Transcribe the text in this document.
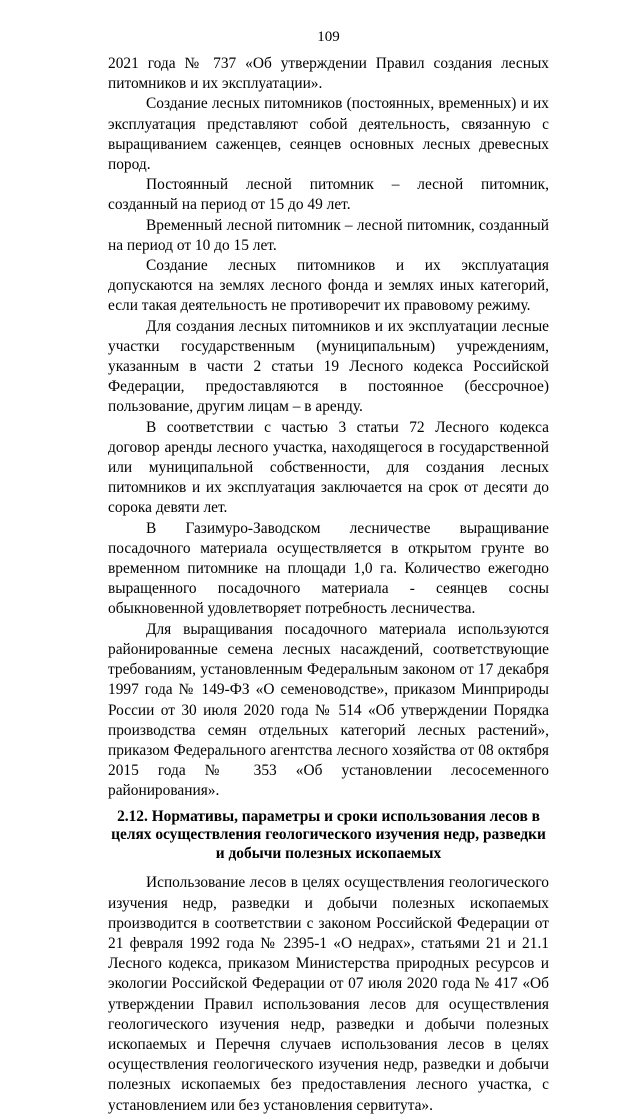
109

2021 года № 737 «Об утверждении Правил создания лесных питомников и их эксплуатации».

Создание лесных питомников (постоянных, временных) и их эксплуатация представляют собой деятельность, связанную с выращиванием саженцев, сеянцев основных лесных древесных пород.

Постоянный лесной питомник – лесной питомник, созданный на период от 15 до 49 лет.

Временный лесной питомник – лесной питомник, созданный на период от 10 до 15 лет.

Создание лесных питомников и их эксплуатация допускаются на землях лесного фонда и землях иных категорий, если такая деятельность не противоречит их правовому режиму.

Для создания лесных питомников и их эксплуатации лесные участки государственным (муниципальным) учреждениям, указанным в части 2 статьи 19 Лесного кодекса Российской Федерации, предоставляются в постоянное (бессрочное) пользование, другим лицам – в аренду.

В соответствии с частью 3 статьи 72 Лесного кодекса договор аренды лесного участка, находящегося в государственной или муниципальной собственности, для создания лесных питомников и их эксплуатация заключается на срок от десяти до сорока девяти лет.

В Газимуро-Заводском лесничестве выращивание посадочного материала осуществляется в открытом грунте во временном питомнике на площади 1,0 га. Количество ежегодно выращенного посадочного материала - сеянцев сосны обыкновенной удовлетворяет потребность лесничества.

Для выращивания посадочного материала используются районированные семена лесных насаждений, соответствующие требованиям, установленным Федеральным законом от 17 декабря 1997 года № 149-ФЗ «О семеноводстве», приказом Минприроды России от 30 июля 2020 года № 514 «Об утверждении Порядка производства семян отдельных категорий лесных растений», приказом Федерального агентства лесного хозяйства от 08 октября 2015 года № 353 «Об установлении лесосеменного районирования».

2.12. Нормативы, параметры и сроки использования лесов в целях осуществления геологического изучения недр, разведки и добычи полезных ископаемых

Использование лесов в целях осуществления геологического изучения недр, разведки и добычи полезных ископаемых производится в соответствии с законом Российской Федерации от 21 февраля 1992 года № 2395-1 «О недрах», статьями 21 и 21.1 Лесного кодекса, приказом Министерства природных ресурсов и экологии Российской Федерации от 07 июля 2020 года № 417 «Об утверждении Правил использования лесов для осуществления геологического изучения недр, разведки и добычи полезных ископаемых и Перечня случаев использования лесов в целях осуществления геологического изучения недр, разведки и добычи полезных ископаемых без предоставления лесного участка, с установлением или без установления сервитута».
